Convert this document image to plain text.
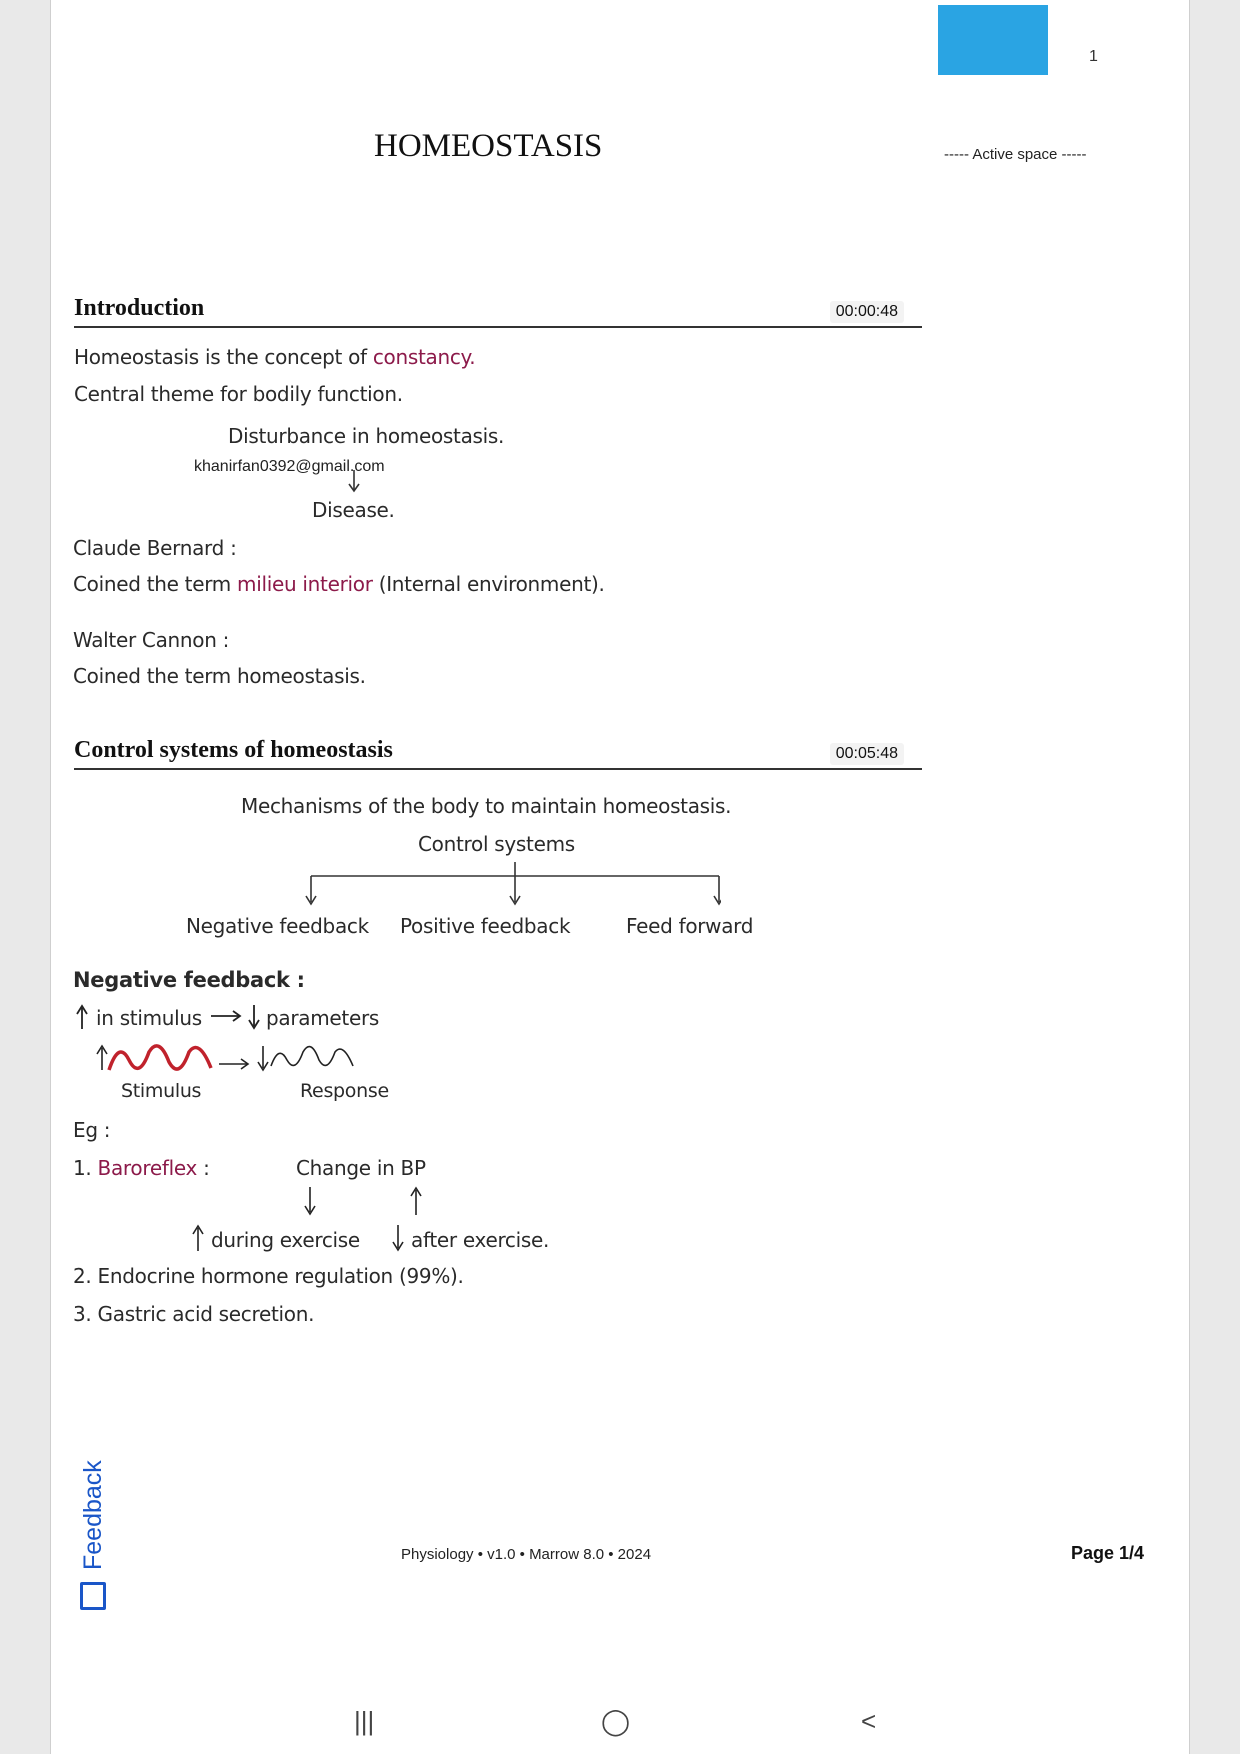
1
HOMEOSTASIS	----- Active space -----
Introduction	00:00:48
Homeostasis is the concept of constancy.
Central theme for bodily function.
Disturbance in homeostasis.
khanirfan0392@gmail.com
Disease.
Claude Bernard :
Coined the term milieu interior (Internal environment).
Walter Cannon :
Coined the term homeostasis.
Control systems of homeostasis	00:05:48
Mechanisms of the body to maintain homeostasis.
Control systems
Negative feedback Positive feedback	Feed forward
Negative feedback :
in stimulus	parameters
Stimulus	Response
Eg :
1. Baroreflex :	Change in BP
during exercise	after exercise.
2. Endocrine hormone regulation (99%).
3. Gastric acid secretion.
Feedback	Physiology • v1.0 • Marrow 8.0 • 2024	Page 1/4
|||	◯	<
